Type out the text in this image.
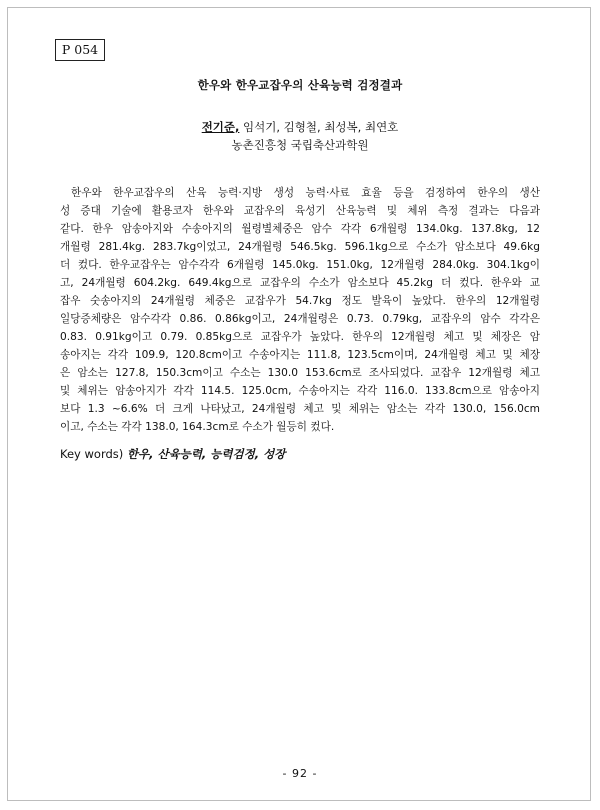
P 054
한우와 한우교잡우의 산육능력 검정결과
전기준, 임석기, 김형철, 최성복, 최연호
농촌진흥청 국립축산과학원
한우와 한우교잡우의 산육 능력·지방 생성 능력·사료 효율 등을 검정하여 한우의 생산
성 증대 기술에 활용코자 한우와 교잡우의 육성기 산육능력 및 체위 측정 결과는 다음과
같다. 한우 암송아지와 수송아지의 월령별체중은 암수 각각 6개월령 134.0kg. 137.8kg, 12
개월령 281.4kg. 283.7kg이었고, 24개월령 546.5kg. 596.1kg으로 수소가 암소보다 49.6kg
더 컸다. 한우교잡우는 암수각각 6개월령 145.0kg. 151.0kg, 12개월령 284.0kg. 304.1kg이
고, 24개월령 604.2kg. 649.4kg으로 교잡우의 수소가 암소보다 45.2kg 더 컸다. 한우와 교
잡우 숫송아지의 24개월령 체중은 교잡우가 54.7kg 정도 발육이 높았다. 한우의 12개월령
일당증체량은 암수각각 0.86. 0.86kg이고, 24개월령은 0.73. 0.79kg, 교잡우의 암수 각각은
0.83. 0.91kg이고 0.79. 0.85kg으로 교잡우가 높았다. 한우의 12개월령 체고 및 체장은 암
송아지는 각각 109.9, 120.8cm이고 수송아지는 111.8, 123.5cm이며, 24개월령 체고 및 체장
은 암소는 127.8, 150.3cm이고 수소는 130.0 153.6cm로 조사되었다. 교잡우 12개월령 체고
및 체위는 암송아지가 각각 114.5. 125.0cm, 수송아지는 각각 116.0. 133.8cm으로 암송아지
보다 1.3 ~6.6% 더 크게 나타났고, 24개월령 체고 및 체위는 암소는 각각 130.0, 156.0cm
이고, 수소는 각각 138.0, 164.3cm로 수소가 월등히 컸다.
Key words) 한우, 산육능력, 능력검정, 성장
- 92 -
